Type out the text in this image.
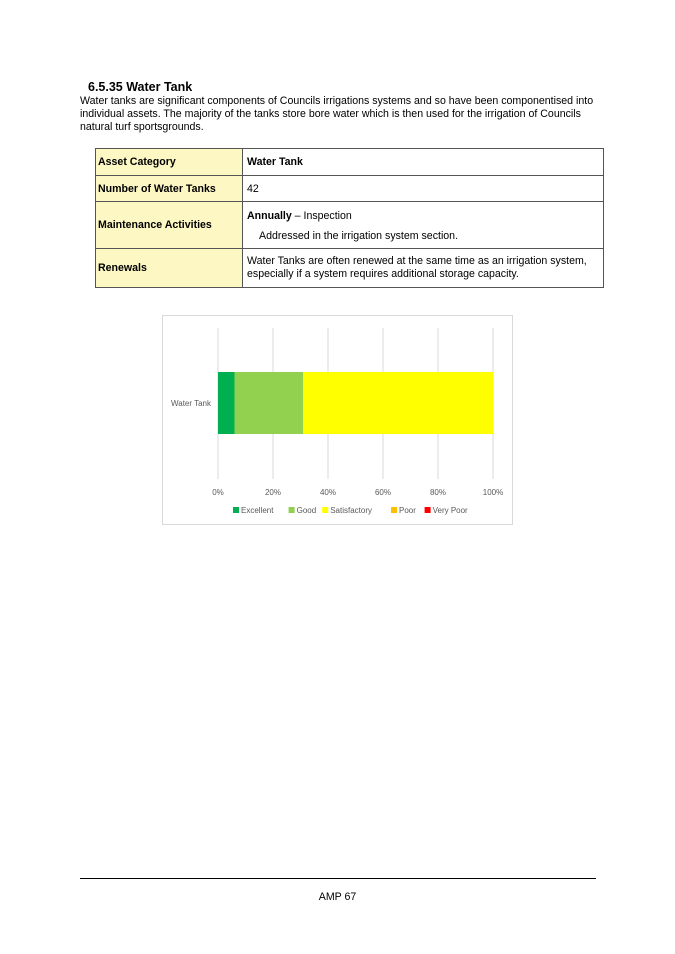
6.5.35 Water Tank
Water tanks are significant components of Councils irrigations systems and so have been componentised into individual assets. The majority of the tanks store bore water which is then used for the irrigation of Councils natural turf sportsgrounds.
Asset Category	Water Tank
Number of Water Tanks	42
Maintenance Activities	Annually – Inspection
Addressed in the irrigation system section.

Renewals	Water Tanks are often renewed at the same time as an irrigation system, especially if a system requires additional storage capacity.
0%	20%	40%	60%	80%	100%
Water Tank
Excellent	Good Satisfactory	Poor Very Poor
AMP 67
